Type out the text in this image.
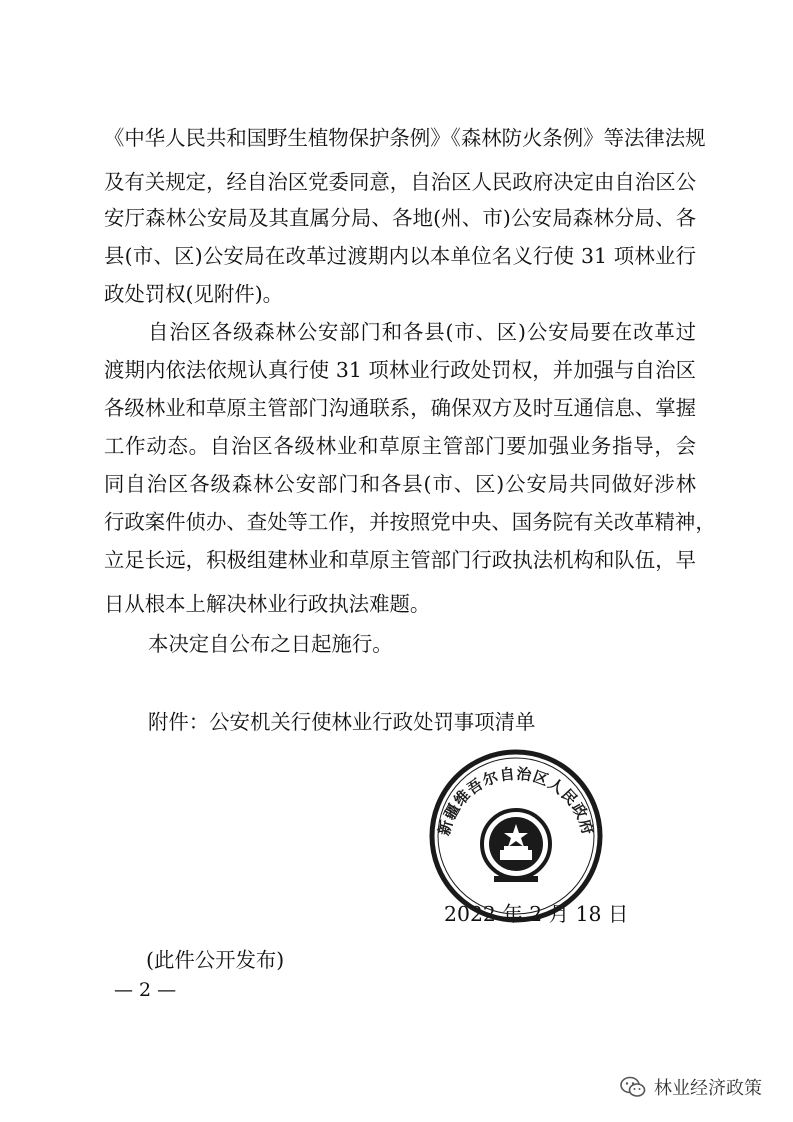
《中华人民共和国野生植物保护条例》《森林防火条例》等法律法规
及有关规定，经自治区党委同意，自治区人民政府决定由自治区公
安厅森林公安局及其直属分局、各地(州、市)公安局森林分局、各
县(市、区)公安局在改革过渡期内以本单位名义行使 31 项林业行
政处罚权(见附件)。
自治区各级森林公安部门和各县(市、区)公安局要在改革过
渡期内依法依规认真行使 31 项林业行政处罚权，并加强与自治区
各级林业和草原主管部门沟通联系，确保双方及时互通信息、掌握
工作动态。自治区各级林业和草原主管部门要加强业务指导，会
同自治区各级森林公安部门和各县(市、区)公安局共同做好涉林
行政案件侦办、查处等工作，并按照党中央、国务院有关改革精神，
立足长远，积极组建林业和草原主管部门行政执法机构和队伍，早
日从根本上解决林业行政执法难题。
本决定自公布之日起施行。
附件：公安机关行使林业行政处罚事项清单
新疆维吾尔自治区人民政府
2022 年 2 月 18 日
(此件公开发布)
— 2 —
林业经济政策
